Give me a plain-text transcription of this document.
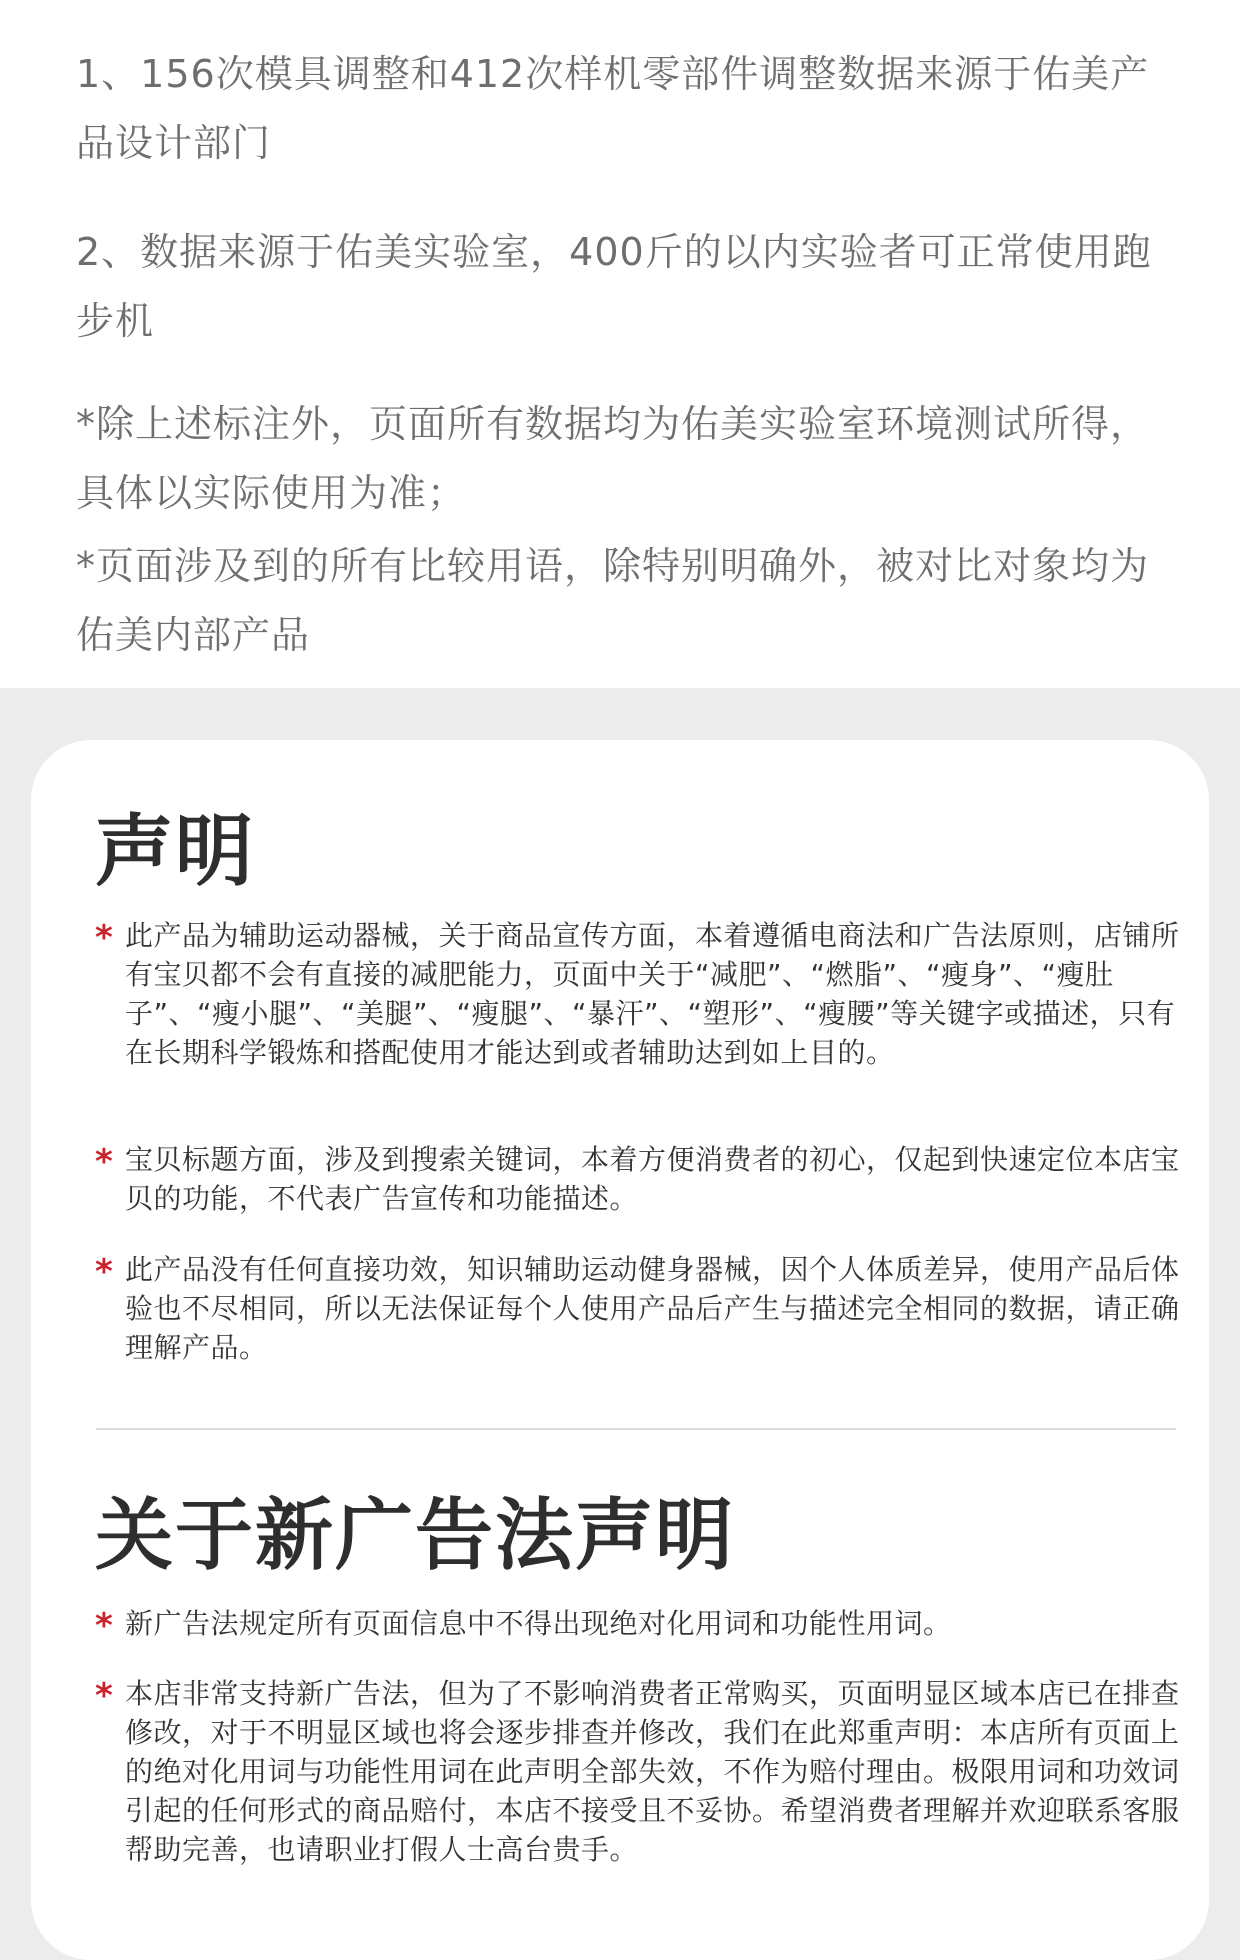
1、156次模具调整和412次样机零部件调整数据来源于佑美产品设计部门

2、数据来源于佑美实验室，400斤的以内实验者可正常使用跑步机

*除上述标注外，页面所有数据均为佑美实验室环境测试所得，具体以实际使用为准；

*页面涉及到的所有比较用语，除特别明确外，被对比对象均为佑美内部产品

声明
* 此产品为辅助运动器械，关于商品宣传方面，本着遵循电商法和广告法原则，店铺所有宝贝都不会有直接的减肥能力，页面中关于“减肥”、“燃脂”、“瘦身”、“瘦肚子”、“瘦小腿”、“美腿”、“瘦腿”、“暴汗”、“塑形”、“瘦腰”等关键字或描述，只有在长期科学锻炼和搭配使用才能达到或者辅助达到如上目的。

* 宝贝标题方面，涉及到搜索关键词，本着方便消费者的初心，仅起到快速定位本店宝贝的功能，不代表广告宣传和功能描述。

* 此产品没有任何直接功效，知识辅助运动健身器械，因个人体质差异，使用产品后体验也不尽相同，所以无法保证每个人使用产品后产生与描述完全相同的数据，请正确理解产品。

关于新广告法声明
* 新广告法规定所有页面信息中不得出现绝对化用词和功能性用词。

* 本店非常支持新广告法，但为了不影响消费者正常购买，页面明显区域本店已在排查修改，对于不明显区域也将会逐步排查并修改，我们在此郑重声明：本店所有页面上的绝对化用词与功能性用词在此声明全部失效，不作为赔付理由。极限用词和功效词引起的任何形式的商品赔付，本店不接受且不妥协。希望消费者理解并欢迎联系客服帮助完善，也请职业打假人士高台贵手。
